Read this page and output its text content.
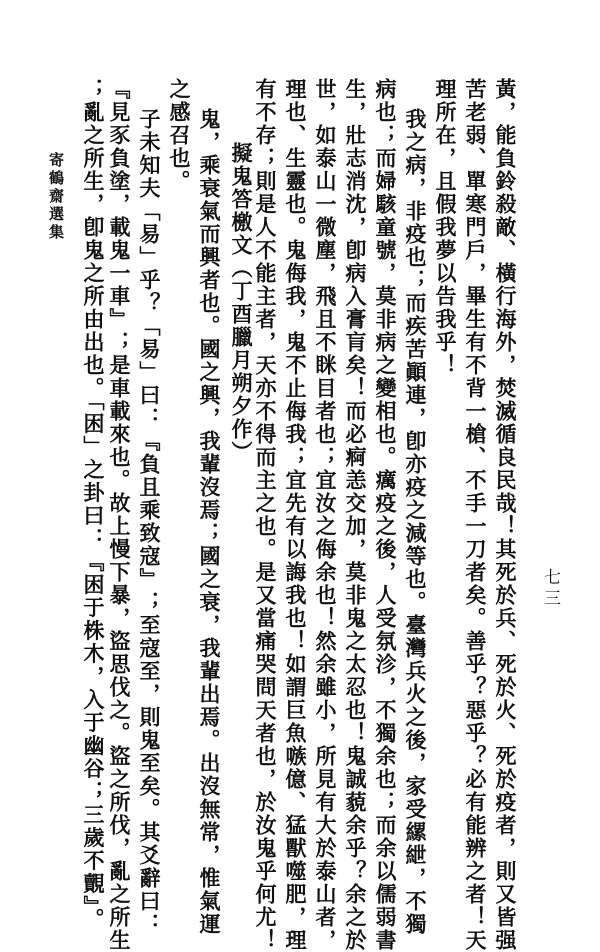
七三
黃，能負鈴殺敵、橫行海外，焚滅循良民哉！其死於兵、死於火、死於疫者，則又皆强
苦老弱、單寒門戶，畢生有不背一槍、不手一刀者矣。善乎？惡乎？必有能辨之者！天
理所在，且假我夢以告我乎！
我之病，非疫也；而疾苦顚連，卽亦疫之減等也。臺灣兵火之後，家受縲紲，不獨
病也；而婦駭童號，莫非病之變相也。癘疫之後，人受氛沴，不獨余也；而余以儒弱書
生，壯志消沈，卽病入膏肓矣！而必痾恙交加，莫非鬼之太忍也！鬼誠藐余乎？余之於
世，如泰山一微塵，飛且不眯目者也；宜汝之侮余也！然余雖小，所見有大於泰山者，
理也、生靈也。鬼侮我，鬼不止侮我；宜先有以誨我也！如謂巨魚嗾億、猛獸噬肥，理
有不存；則是人不能主者，天亦不得而主之也。是又當痛哭問天者也，於汝鬼乎何尤！
擬鬼答檄文（丁酉臘月朔夕作）
鬼，乘衰氣而興者也。國之興，我輩沒焉；國之衰，我輩出焉。出沒無常，惟氣運
之感召也。
子未知夫「易」乎？「易」曰：『負且乘致寇』；至寇至，則鬼至矣。其爻辭曰：
『見豕負塗，載鬼一車』；是車載來也。故上慢下暴，盜思伐之。盜之所伐，亂之所生
；亂之所生，卽鬼之所由出也。「困」之卦曰：『困于株木，入于幽谷；三歲不覿』。
寄鶴齋選集
